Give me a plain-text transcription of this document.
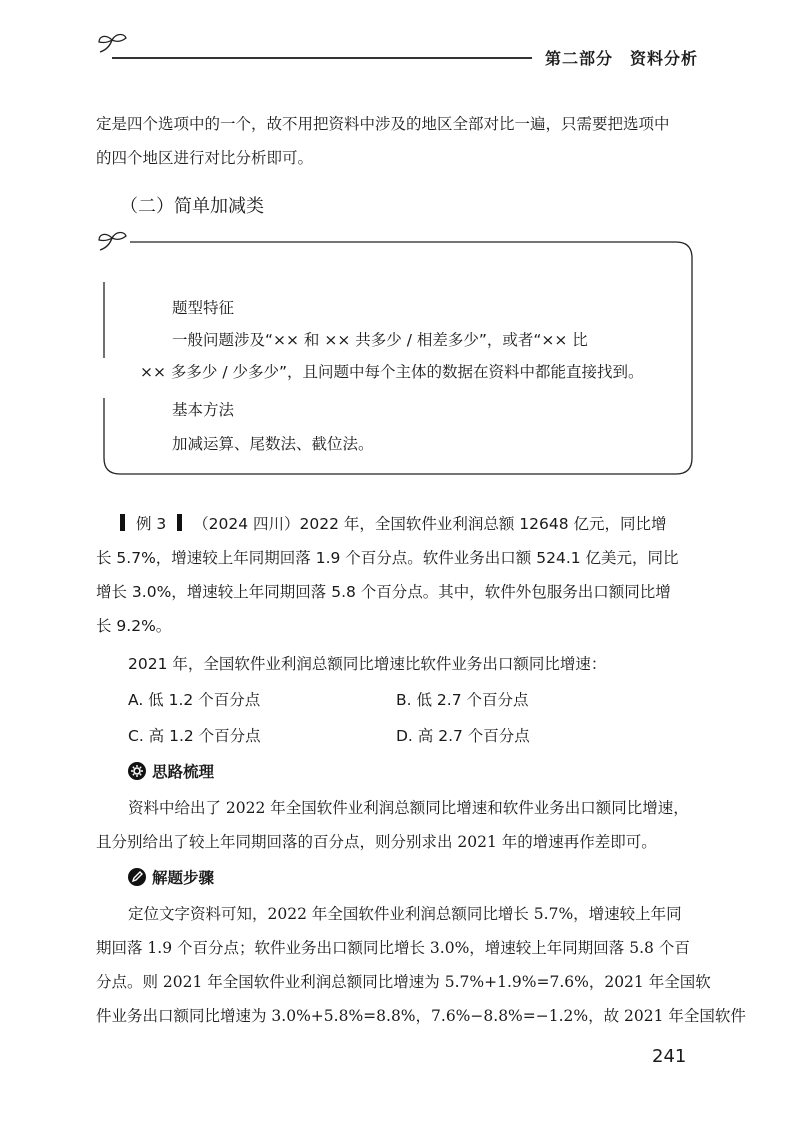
第二部分　资料分析
定是四个选项中的一个，故不用把资料中涉及的地区全部对比一遍，只需要把选项中
的四个地区进行对比分析即可。
（二）简单加减类
题型特征
一般问题涉及“×× 和 ×× 共多少 / 相差多少”，或者“×× 比
×× 多多少 / 少多少”，且问题中每个主体的数据在资料中都能直接找到。
基本方法
加减运算、尾数法、截位法。
例 3 （2024 四川）2022 年，全国软件业利润总额 12648 亿元，同比增
长 5.7%，增速较上年同期回落 1.9 个百分点。软件业务出口额 524.1 亿美元，同比
增长 3.0%，增速较上年同期回落 5.8 个百分点。其中，软件外包服务出口额同比增
长 9.2%。
2021 年，全国软件业利润总额同比增速比软件业务出口额同比增速：
A. 低 1.2 个百分点	B. 低 2.7 个百分点
C. 高 1.2 个百分点	D. 高 2.7 个百分点
思路梳理
资料中给出了 2022 年全国软件业利润总额同比增速和软件业务出口额同比增速，
且分别给出了较上年同期回落的百分点，则分别求出 2021 年的增速再作差即可。
解题步骤
定位文字资料可知，2022 年全国软件业利润总额同比增长 5.7%，增速较上年同
期回落 1.9 个百分点；软件业务出口额同比增长 3.0%，增速较上年同期回落 5.8 个百
分点。则 2021 年全国软件业利润总额同比增速为 5.7%+1.9%=7.6%，2021 年全国软
件业务出口额同比增速为 3.0%+5.8%=8.8%，7.6%−8.8%=−1.2%，故 2021 年全国软件
241
